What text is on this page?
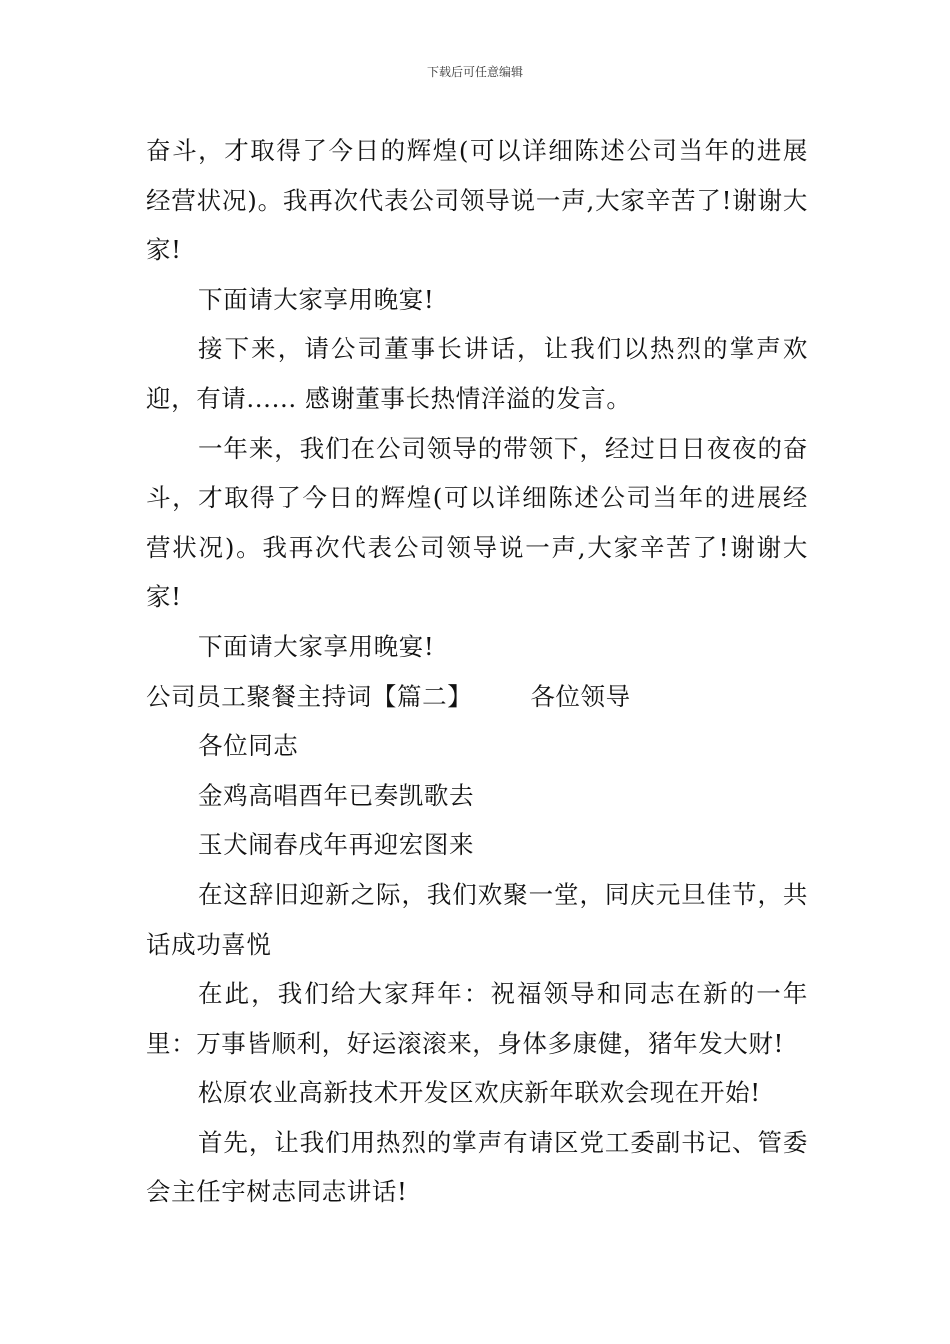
下载后可任意编辑

奋斗，才取得了今日的辉煌(可以详细陈述公司当年的进展经营状况)。我再次代表公司领导说一声,大家辛苦了!谢谢大家!

下面请大家享用晚宴!

接下来，请公司董事长讲话，让我们以热烈的掌声欢迎，有请...... 感谢董事长热情洋溢的发言。

一年来，我们在公司领导的带领下，经过日日夜夜的奋斗，才取得了今日的辉煌(可以详细陈述公司当年的进展经营状况)。我再次代表公司领导说一声,大家辛苦了!谢谢大家!

下面请大家享用晚宴!

公司员工聚餐主持词【篇二】 各位领导

各位同志

金鸡高唱酉年已奏凯歌去

玉犬闹春戌年再迎宏图来

在这辞旧迎新之际，我们欢聚一堂，同庆元旦佳节，共话成功喜悦

在此，我们给大家拜年：祝福领导和同志在新的一年里：万事皆顺利，好运滚滚来，身体多康健，猪年发大财!

松原农业高新技术开发区欢庆新年联欢会现在开始!

首先，让我们用热烈的掌声有请区党工委副书记、管委会主任宇树志同志讲话!
